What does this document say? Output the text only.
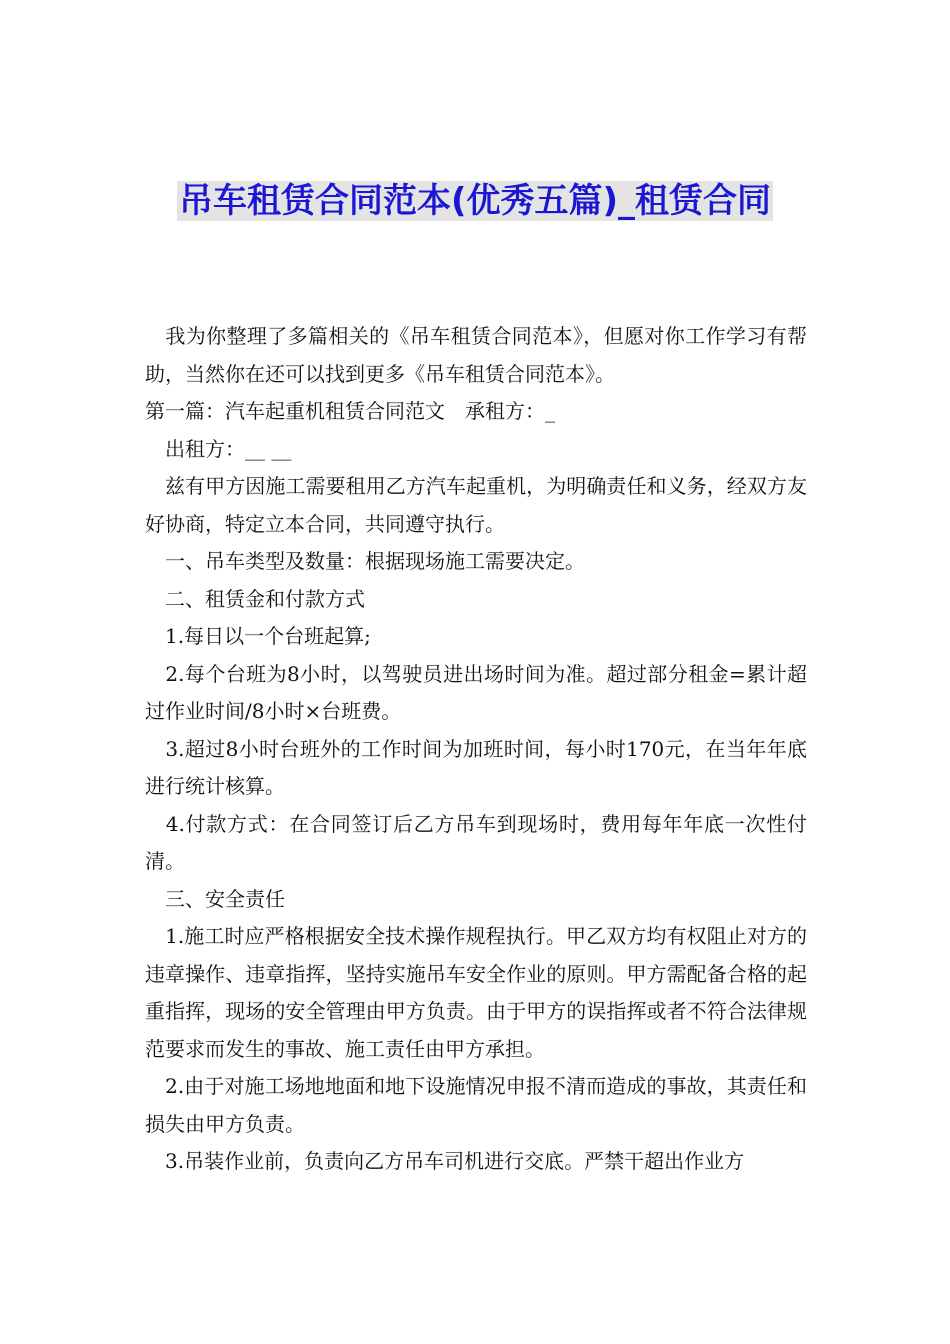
吊车租赁合同范本(优秀五篇)_租赁合同

　我为你整理了多篇相关的《吊车租赁合同范本》，但愿对你工作学习有帮助，当然你在还可以找到更多《吊车租赁合同范本》。

第一篇：汽车起重机租赁合同范文　承租方：_

　出租方：__ __

　兹有甲方因施工需要租用乙方汽车起重机，为明确责任和义务，经双方友好协商，特定立本合同，共同遵守执行。

　一、吊车类型及数量：根据现场施工需要决定。

　二、租赁金和付款方式

　1.每日以一个台班起算;

　2.每个台班为8小时，以驾驶员进出场时间为准。超过部分租金=累计超过作业时间/8小时×台班费。

　3.超过8小时台班外的工作时间为加班时间，每小时170元，在当年年底进行统计核算。

　4.付款方式：在合同签订后乙方吊车到现场时，费用每年年底一次性付清。

　三、安全责任

　1.施工时应严格根据安全技术操作规程执行。甲乙双方均有权阻止对方的违章操作、违章指挥，坚持实施吊车安全作业的原则。甲方需配备合格的起重指挥，现场的安全管理由甲方负责。由于甲方的误指挥或者不符合法律规范要求而发生的事故、施工责任由甲方承担。

　2.由于对施工场地地面和地下设施情况申报不清而造成的事故，其责任和损失由甲方负责。

　3.吊装作业前，负责向乙方吊车司机进行交底。严禁干超出作业方
